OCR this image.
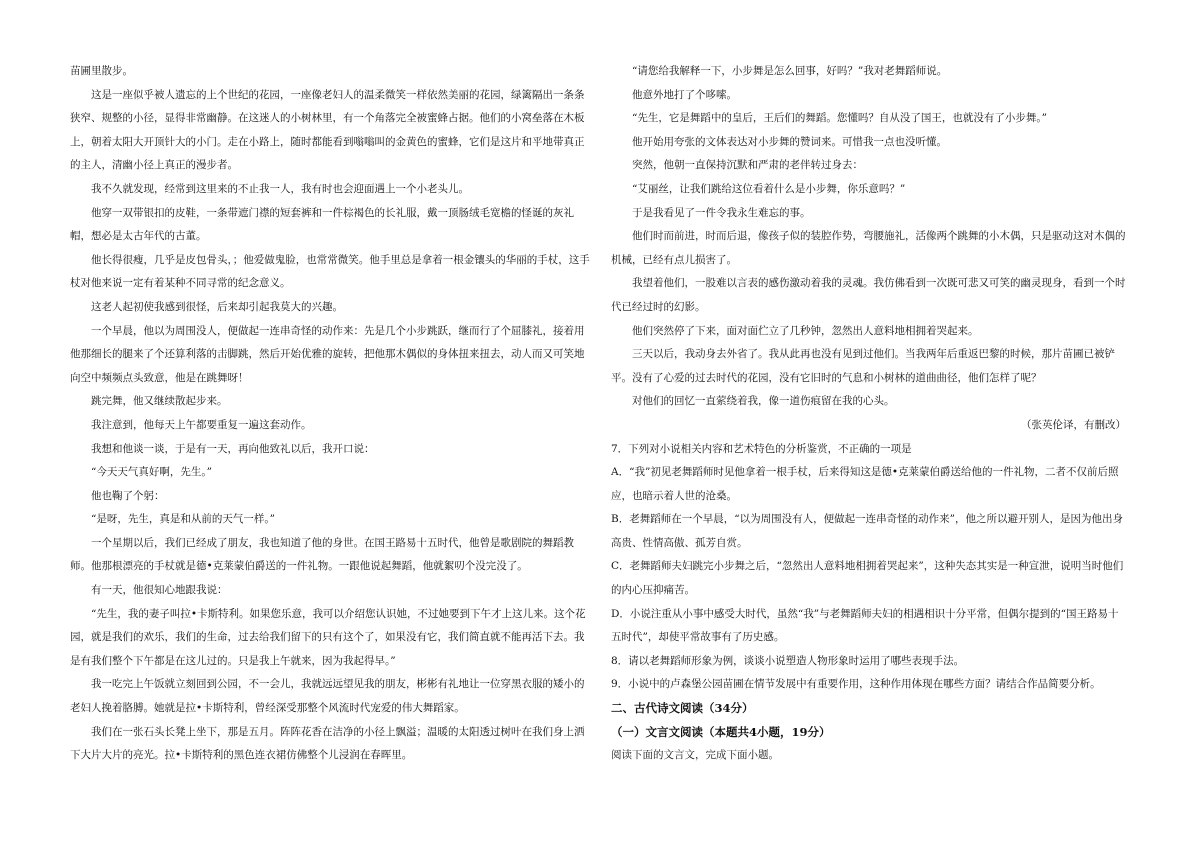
苗圃里散步。

这是一座似乎被人遗忘的上个世纪的花园，一座像老妇人的温柔微笑一样依然美丽的花园，绿篱隔出一条条狭窄、规整的小径，显得非常幽静。在这迷人的小树林里，有一个角落完全被蜜蜂占据。他们的小窝垒落在木板上，朝着太阳大开顶针大的小门。走在小路上，随时都能看到嗡嗡叫的金黄色的蜜蜂，它们是这片和平地带真正的主人，清幽小径上真正的漫步者。

我不久就发现，经常到这里来的不止我一人，我有时也会迎面遇上一个小老头儿。

他穿一双带银扣的皮鞋，一条带遮门襟的短套裤和一件棕褐色的长礼服，戴一顶肠绒毛宽檐的怪诞的灰礼帽，想必是太古年代的古董。

他长得很瘦，几乎是皮包骨头，；他爱做鬼脸，也常常微笑。他手里总是拿着一根金镶头的华丽的手杖，这手杖对他来说一定有着某种不同寻常的纪念意义。

这老人起初使我感到很怪，后来却引起我莫大的兴趣。

一个早晨，他以为周围没人，便做起一连串奇怪的动作来：先是几个小步跳跃，继而行了个屈膝礼，接着用他那细长的腿来了个还算利落的击脚跳，然后开始优雅的旋转，把他那木偶似的身体扭来扭去，动人而又可笑地向空中频频点头致意，他是在跳舞呀！

跳完舞，他又继续散起步来。

我注意到，他每天上午都要重复一遍这套动作。

我想和他谈一谈，于是有一天，再向他致礼以后，我开口说：

“今天天气真好啊，先生。”

他也鞠了个躬：

“是呀，先生，真是和从前的天气一样。”

一个星期以后，我们已经成了朋友，我也知道了他的身世。在国王路易十五时代，他曾是歌剧院的舞蹈教师。他那根漂亮的手杖就是德•克莱蒙伯爵送的一件礼物。一跟他说起舞蹈，他就絮叨个没完没了。

有一天，他很知心地跟我说：

“先生，我的妻子叫拉•卡斯特利。如果您乐意，我可以介绍您认识她，不过她要到下午才上这儿来。这个花园，就是我们的欢乐，我们的生命，过去给我们留下的只有这个了，如果没有它，我们简直就不能再活下去。我是有我们整个下午都是在这儿过的。只是我上午就来，因为我起得早。”

我一吃完上午饭就立刻回到公园，不一会儿，我就远远望见我的朋友，彬彬有礼地让一位穿黑衣服的矮小的老妇人挽着胳膊。她就是拉•卡斯特利，曾经深受那整个风流时代宠爱的伟大舞蹈家。

我们在一张石头长凳上坐下，那是五月。阵阵花香在洁净的小径上飘溢；温暖的太阳透过树叶在我们身上洒下大片大片的亮光。拉•卡斯特利的黑色连衣裙仿佛整个儿浸润在春晖里。

“请您给我解释一下，小步舞是怎么回事，好吗？”我对老舞蹈师说。

他意外地打了个哆嗦。

“先生，它是舞蹈中的皇后，王后们的舞蹈。您懂吗？自从没了国王，也就没有了小步舞。”

他开始用夸张的文体表达对小步舞的赞词来。可惜我一点也没听懂。

突然，他朝一直保持沉默和严肃的老伴转过身去：

“艾丽丝，让我们跳给这位看着什么是小步舞，你乐意吗？”

于是我看见了一件令我永生难忘的事。

他们时而前进，时而后退，像孩子似的装腔作势，弯腰施礼，活像两个跳舞的小木偶，只是驱动这对木偶的机械，已经有点儿损害了。

我望着他们，一股难以言表的感伤激动着我的灵魂。我仿佛看到一次既可悲又可笑的幽灵现身，看到一个时代已经过时的幻影。

他们突然停了下来，面对面伫立了几秒钟，忽然出人意料地相拥着哭起来。

三天以后，我动身去外省了。我从此再也没有见到过他们。当我两年后重返巴黎的时候，那片苗圃已被铲平。没有了心爱的过去时代的花园，没有它旧时的气息和小树林的道曲曲径，他们怎样了呢？

对他们的回忆一直萦绕着我，像一道伤痕留在我的心头。

（张英伦译，有删改）

7．下列对小说相关内容和艺术特色的分析鉴赏，不正确的一项是

A．“我”初见老舞蹈师时见他拿着一根手杖，后来得知这是德•克莱蒙伯爵送给他的一件礼物，二者不仅前后照应，也暗示着人世的沧桑。

B．老舞蹈师在一个早晨，“以为周围没有人，便做起一连串奇怪的动作来”，他之所以避开别人，是因为他出身高贵、性情高傲、孤芳自赏。

C．老舞蹈师夫妇跳完小步舞之后，“忽然出人意料地相拥着哭起来”，这种失态其实是一种宣泄，说明当时他们的内心压抑痛苦。

D．小说注重从小事中感受大时代，虽然“我”与老舞蹈师夫妇的相遇相识十分平常，但偶尔提到的“国王路易十五时代”，却使平常故事有了历史感。

8．请以老舞蹈师形象为例，谈谈小说塑造人物形象时运用了哪些表现手法。

9．小说中的卢森堡公园苗圃在情节发展中有重要作用，这种作用体现在哪些方面？请结合作品简要分析。

二、古代诗文阅读（34分）

（一）文言文阅读（本题共4小题，19分）

阅读下面的文言文，完成下面小题。
